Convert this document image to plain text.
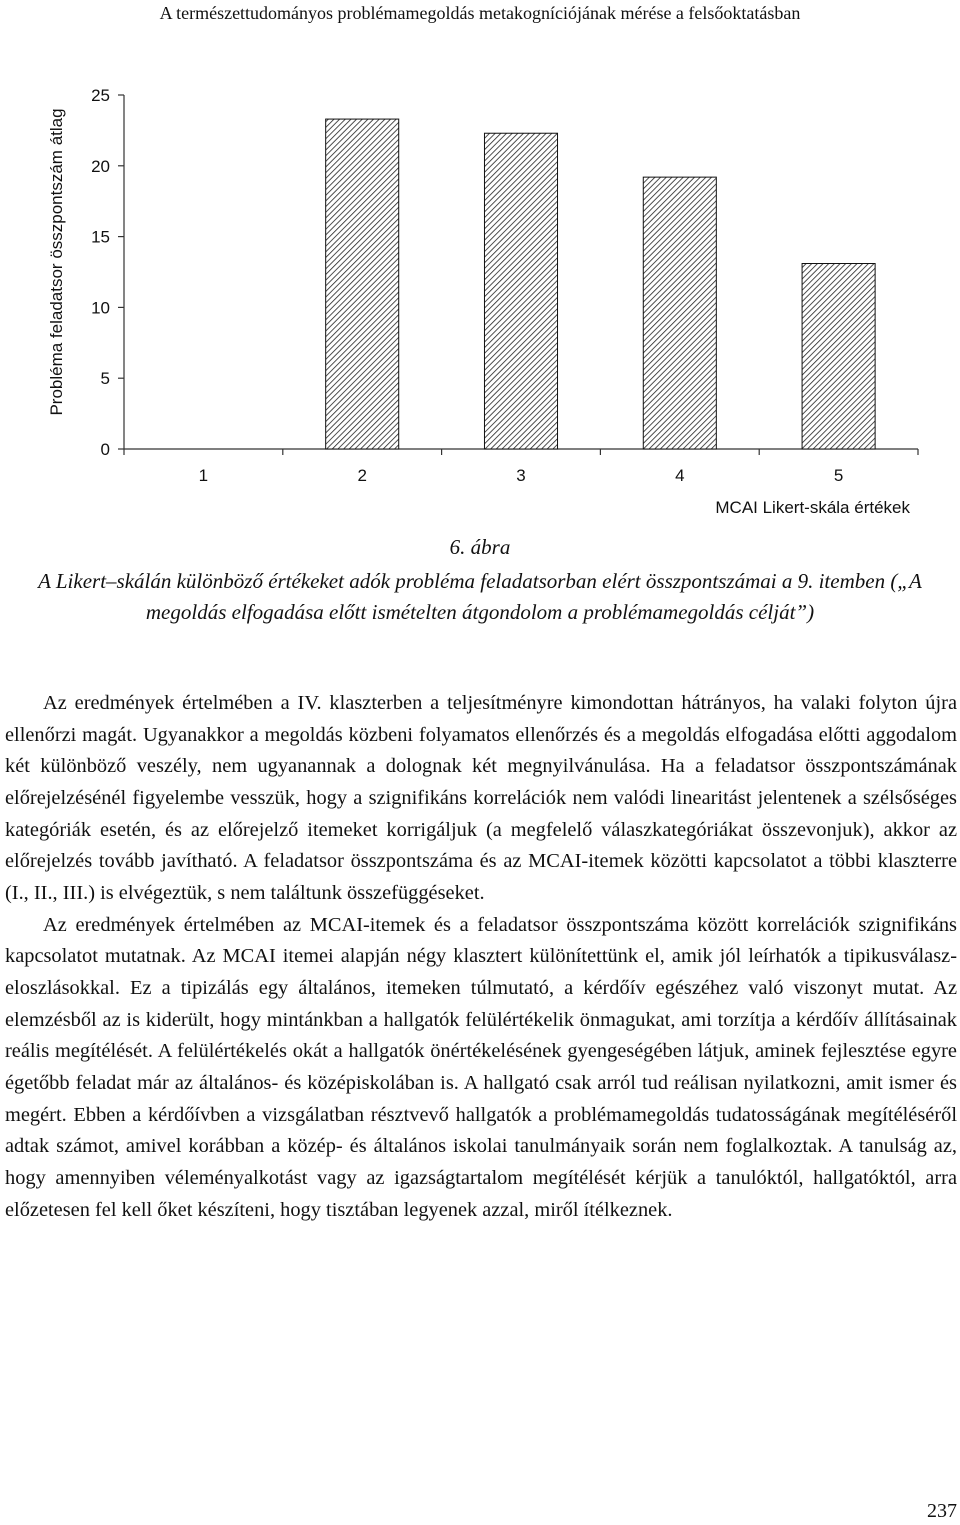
A természettudományos problémamegoldás metakogníciójának mérése a felsőoktatásban
Probléma feladatsor összpontszám átlag
0
5
10
15
20
25
1	2	3	4	5
MCAI Likert-skála értékek
6. ábra
A Likert–skálán különböző értékeket adók probléma feladatsorban elért összpontszámai a 9. itemben („A megoldás elfogadása előtt ismételten átgondolom a problémamegoldás célját”)

Az eredmények értelmében a IV. klaszterben a teljesítményre kimondottan hátrányos, ha valaki folyton újra ellenőrzi magát. Ugyanakkor a megoldás közbeni folyamatos ellenőrzés és a megoldás elfogadása előtti aggodalom két különböző veszély, nem ugyanannak a dolognak két megnyilvánulása. Ha a feladatsor összpontszámának előrejelzésénél figyelembe vesszük, hogy a szignifikáns korrelációk nem valódi linearitást jelentenek a szélsőséges kategóriák esetén, és az előrejelző itemeket korrigáljuk (a megfelelő válaszkategóriákat összevonjuk), akkor az előrejelzés tovább javítható. A feladatsor összpontszáma és az MCAI-itemek közötti kapcsolatot a többi klaszterre (I., II., III.) is elvégeztük, s nem találtunk összefüggéseket.

Az eredmények értelmében az MCAI-itemek és a feladatsor összpontszáma között korrelációk szignifikáns kapcsolatot mutatnak. Az MCAI itemei alapján négy klasztert különítettünk el, amik jól leírhatók a tipikusválasz-eloszlásokkal. Ez a tipizálás egy általános, itemeken túlmutató, a kérdőív egészéhez való viszonyt mutat. Az elemzésből az is kiderült, hogy mintánkban a hallgatók felülértékelik önmagukat, ami torzítja a kérdőív állításainak reális megítélését. A felülértékelés okát a hallgatók önértékelésének gyengeségében látjuk, aminek fejlesztése egyre égetőbb feladat már az általános- és középiskolában is. A hallgató csak arról tud reálisan nyilatkozni, amit ismer és megért. Ebben a kérdőívben a vizsgálatban résztvevő hallgatók a problémamegoldás tudatosságának megítéléséről adtak számot, amivel korábban a közép- és általános iskolai tanulmányaik során nem foglalkoztak. A tanulság az, hogy amennyiben véleményalkotást vagy az igazságtartalom megítélését kérjük a tanulóktól, hallgatóktól, arra előzetesen fel kell őket készíteni, hogy tisztában legyenek azzal, miről ítélkeznek.

237
